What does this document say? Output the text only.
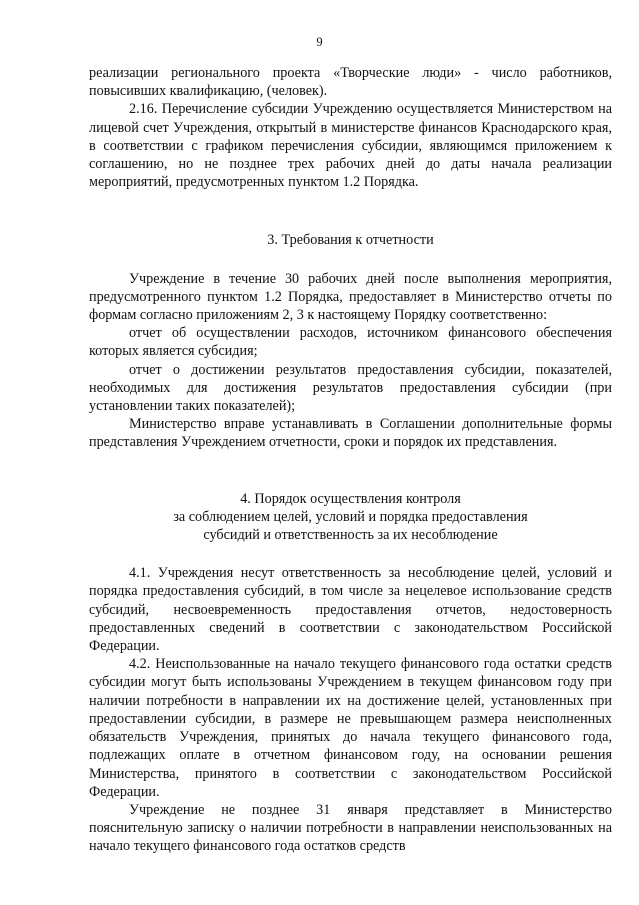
9

реализации регионального проекта «Творческие люди» - число работников, повысивших квалификацию, (человек).

2.16. Перечисление субсидии Учреждению осуществляется Министерством на лицевой счет Учреждения, открытый в министерстве финансов Краснодарского края, в соответствии с графиком перечисления субсидии, являющимся приложением к соглашению, но не позднее трех рабочих дней до даты начала реализации мероприятий, предусмотренных пунктом 1.2 Порядка.

3. Требования к отчетности

Учреждение в течение 30 рабочих дней после выполнения мероприятия, предусмотренного пунктом 1.2 Порядка, предоставляет в Министерство отчеты по формам согласно приложениям 2, 3 к настоящему Порядку соответственно:

отчет об осуществлении расходов, источником финансового обеспечения которых является субсидия;

отчет о достижении результатов предоставления субсидии, показателей, необходимых для достижения результатов предоставления субсидии (при установлении таких показателей);

Министерство вправе устанавливать в Соглашении дополнительные формы представления Учреждением отчетности, сроки и порядок их представления.

4. Порядок осуществления контроля
за соблюдением целей, условий и порядка предоставления
субсидий и ответственность за их несоблюдение

4.1. Учреждения несут ответственность за несоблюдение целей, условий и порядка предоставления субсидий, в том числе за нецелевое использование средств субсидий, несвоевременность предоставления отчетов, недостоверность предоставленных сведений в соответствии с законодательством Российской Федерации.

4.2. Неиспользованные на начало текущего финансового года остатки средств субсидии могут быть использованы Учреждением в текущем финансовом году при наличии потребности в направлении их на достижение целей, установленных при предоставлении субсидии, в размере не превышающем размера неисполненных обязательств Учреждения, принятых до начала текущего финансового года, подлежащих оплате в отчетном финансовом году, на основании решения Министерства, принятого в соответствии с законодательством Российской Федерации.

Учреждение не позднее 31 января представляет в Министерство пояснительную записку о наличии потребности в направлении неиспользованных на начало текущего финансового года остатков средств
